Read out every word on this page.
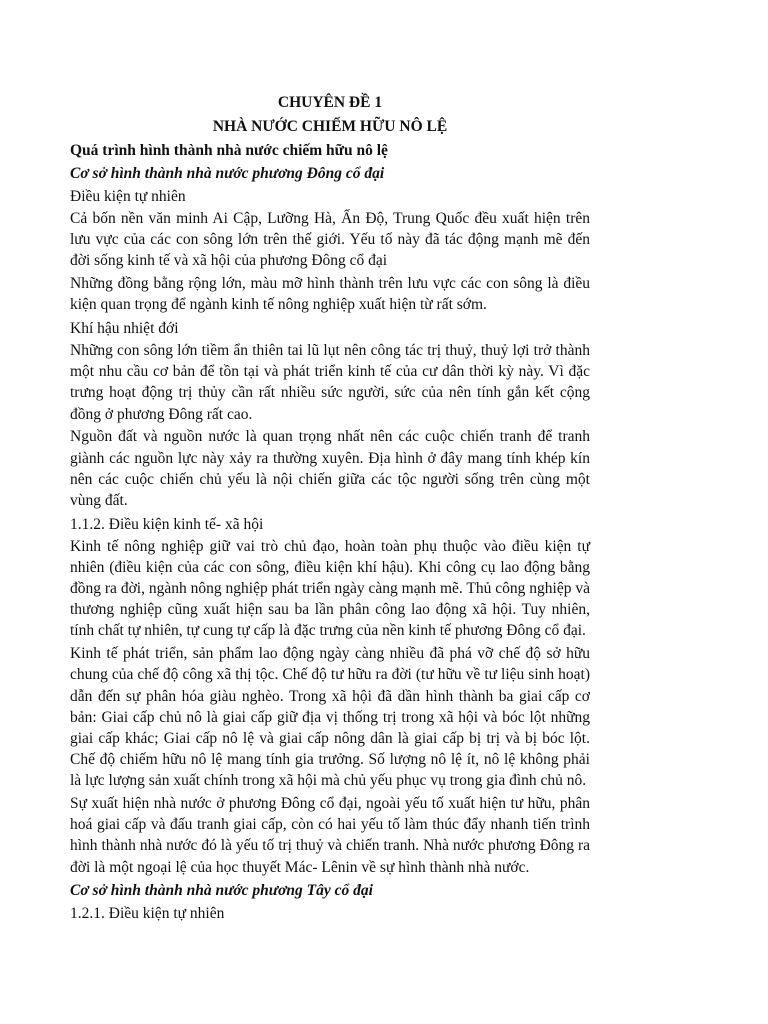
CHUYÊN ĐỀ 1

NHÀ NƯỚC CHIẾM HỮU NÔ LỆ

Quá trình hình thành nhà nước chiếm hữu nô lệ

Cơ sở hình thành nhà nước phương Đông cổ đại

Điều kiện tự nhiên

Cả bốn nền văn minh Ai Cập, Lưỡng Hà, Ấn Độ, Trung Quốc đều xuất hiện trên lưu vực của các con sông lớn trên thế giới. Yếu tố này đã tác động mạnh mẽ đến đời sống kinh tế và xã hội của phương Đông cổ đại

Những đồng bằng rộng lớn, màu mỡ hình thành trên lưu vực các con sông là điều kiện quan trọng để ngành kinh tế nông nghiệp xuất hiện từ rất sớm.

Khí hậu nhiệt đới

Những con sông lớn tiềm ẩn thiên tai lũ lụt nên công tác trị thuỷ, thuỷ lợi trở thành một nhu cầu cơ bản để tồn tại và phát triển kinh tế của cư dân thời kỳ này. Vì đặc trưng hoạt động trị thủy cần rất nhiều sức người, sức của nên tính gắn kết cộng đồng ở phương Đông rất cao.

Nguồn đất và nguồn nước là quan trọng nhất nên các cuộc chiến tranh để tranh giành các nguồn lực này xảy ra thường xuyên. Địa hình ở đây mang tính khép kín nên các cuộc chiến chủ yếu là nội chiến giữa các tộc người sống trên cùng một vùng đất.

1.1.2. Điều kiện kinh tế- xã hội

Kinh tế nông nghiệp giữ vai trò chủ đạo, hoàn toàn phụ thuộc vào điều kiện tự nhiên (điều kiện của các con sông, điều kiện khí hậu). Khi công cụ lao động bằng đồng ra đời, ngành nông nghiệp phát triển ngày càng mạnh mẽ. Thủ công nghiệp và thương nghiệp cũng xuất hiện sau ba lần phân công lao động xã hội. Tuy nhiên, tính chất tự nhiên, tự cung tự cấp là đặc trưng của nền kinh tế phương Đông cổ đại.

Kinh tế phát triển, sản phẩm lao động ngày càng nhiều đã phá vỡ chế độ sở hữu chung của chế độ công xã thị tộc. Chế độ tư hữu ra đời (tư hữu về tư liệu sinh hoạt) dẫn đến sự phân hóa giàu nghèo. Trong xã hội đã dần hình thành ba giai cấp cơ bản: Giai cấp chủ nô là giai cấp giữ địa vị thống trị trong xã hội và bóc lột những giai cấp khác; Giai cấp nô lệ và giai cấp nông dân là giai cấp bị trị và bị bóc lột. Chế độ chiếm hữu nô lệ mang tính gia trưởng. Số lượng nô lệ ít, nô lệ không phải là lực lượng sản xuất chính trong xã hội mà chủ yếu phục vụ trong gia đình chủ nô.

Sự xuất hiện nhà nước ở phương Đông cổ đại, ngoài yếu tố xuất hiện tư hữu, phân hoá giai cấp và đấu tranh giai cấp, còn có hai yếu tố làm thúc đẩy nhanh tiến trình hình thành nhà nước đó là yếu tố trị thuỷ và chiến tranh. Nhà nước phương Đông ra đời là một ngoại lệ của học thuyết Mác- Lênin về sự hình thành nhà nước.

Cơ sở hình thành nhà nước phương Tây cổ đại

1.2.1. Điều kiện tự nhiên
